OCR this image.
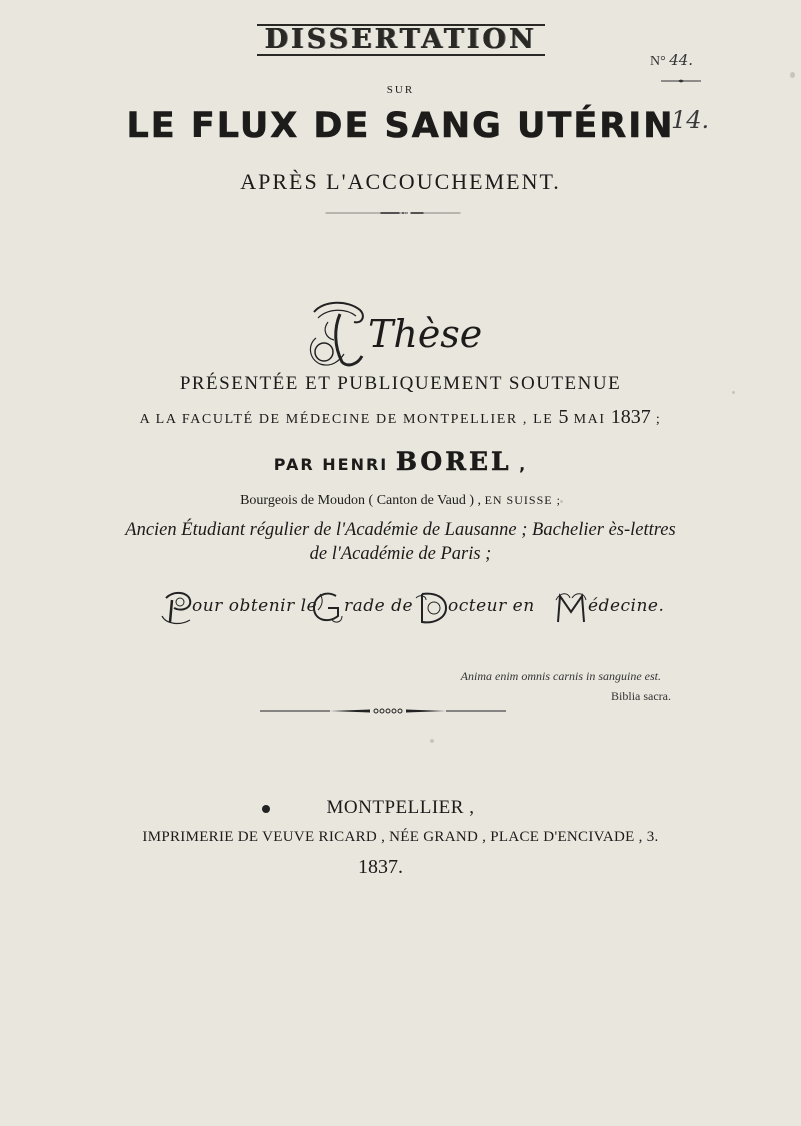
DISSERTATION
SUR
LE FLUX DE SANG UTÉRIN
APRÈS L'ACCOUCHEMENT.
Thèse
PRÉSENTÉE ET PUBLIQUEMENT SOUTENUE
A LA FACULTÉ DE MÉDECINE DE MONTPELLIER , LE 5 MAI 1837 ;
PAR HENRI BOREL ,
Bourgeois de Moudon ( Canton de Vaud ) , EN SUISSE ;
Ancien Étudiant régulier de l'Académie de Lausanne ; Bachelier ès-lettres
de l'Académie de Paris ;
our obtenir le rade de octeur en	édecine.
Anima enim omnis carnis in sanguine est.
Biblia sacra.
MONTPELLIER ,
IMPRIMERIE DE VEUVE RICARD , NÉE GRAND , PLACE D'ENCIVADE , 3.
1837.
N° 44.
14.
